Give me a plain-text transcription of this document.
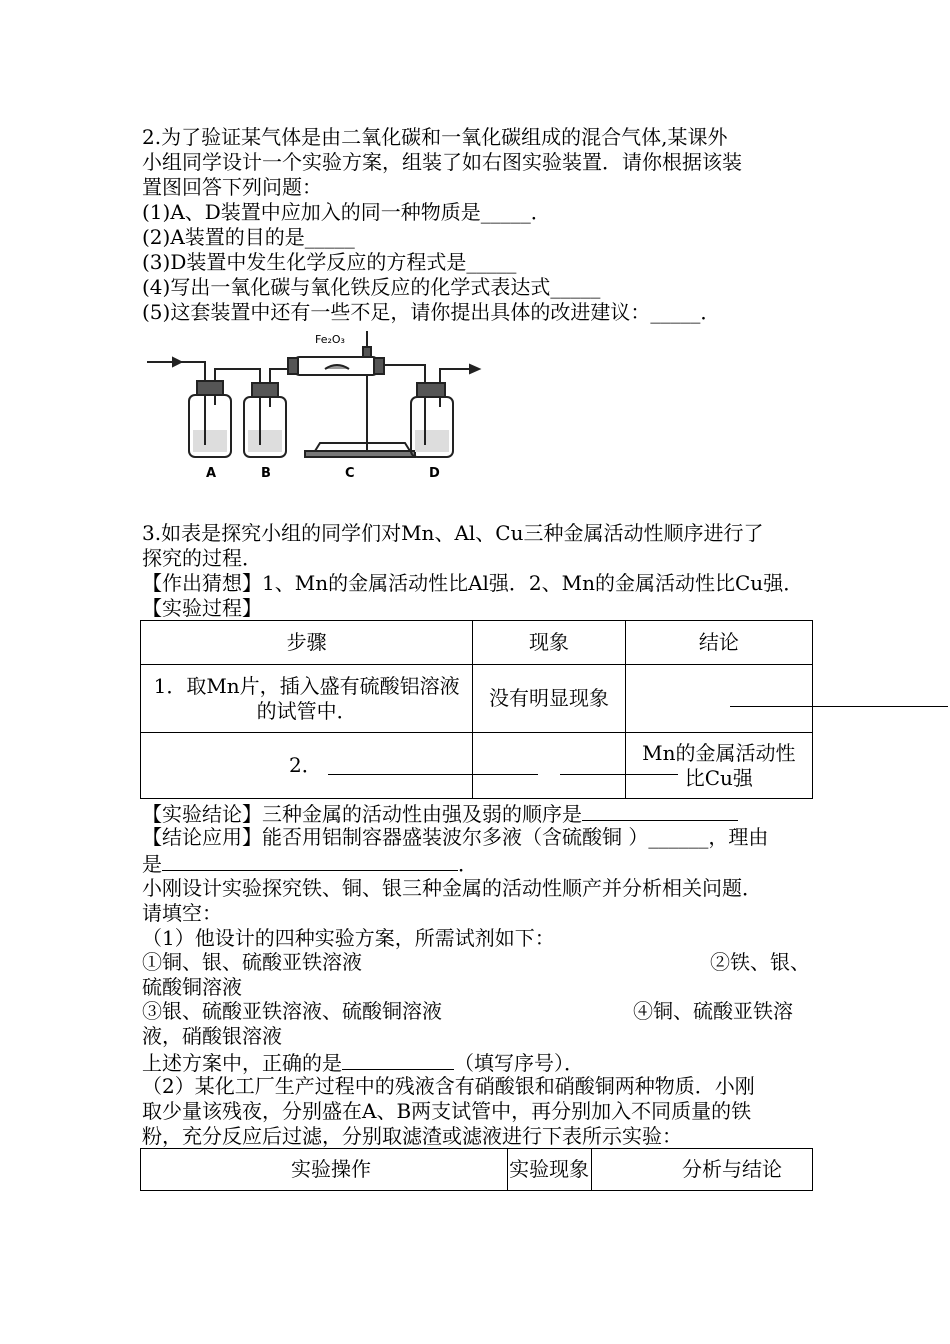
2.为了验证某气体是由二氧化碳和一氧化碳组成的混合气体,某课外
小组同学设计一个实验方案，组装了如右图实验装置．请你根据该装
置图回答下列问题：
(1)A、D装置中应加入的同一种物质是_____．
(2)A装置的目的是_____
(3)D装置中发生化学反应的方程式是_____
(4)写出一氧化碳与氧化铁反应的化学式表达式_____
(5)这套装置中还有一些不足，请你提出具体的改进建议：_____．
Fe₂O₃
A	B	C	D
3.如表是探究小组的同学们对Mn、Al、Cu三种金属活动性顺序进行了
探究的过程．
【作出猜想】1、Mn的金属活动性比Al强．2、Mn的金属活动性比Cu强．
【实验过程】
步骤	现象	结论

1．取Mn片，插入盛有硫酸铝溶液
的试管中．	没有明显现象	
2．		Mn的金属活动性
比Cu强
【实验结论】三种金属的活动性由强及弱的顺序是
【结论应用】能否用铝制容器盛装波尔多液（含硫酸铜 ）______，理由
是	．
小刚设计实验探究铁、铜、银三种金属的活动性顺产并分析相关问题．
请填空：
（1）他设计的四种实验方案，所需试剂如下：
①铜、银、硫酸亚铁溶液	②铁、银、
硫酸铜溶液
③银、硫酸亚铁溶液、硫酸铜溶液	④铜、硫酸亚铁溶
液，硝酸银溶液
上述方案中，正确的是	（填写序号）．
（2）某化工厂生产过程中的残液含有硝酸银和硝酸铜两种物质．小刚
取少量该残夜，分别盛在A、B两支试管中，再分别加入不同质量的铁
粉，充分反应后过滤，分别取滤渣或滤液进行下表所示实验：
实验操作	实验现象	分析与结论
